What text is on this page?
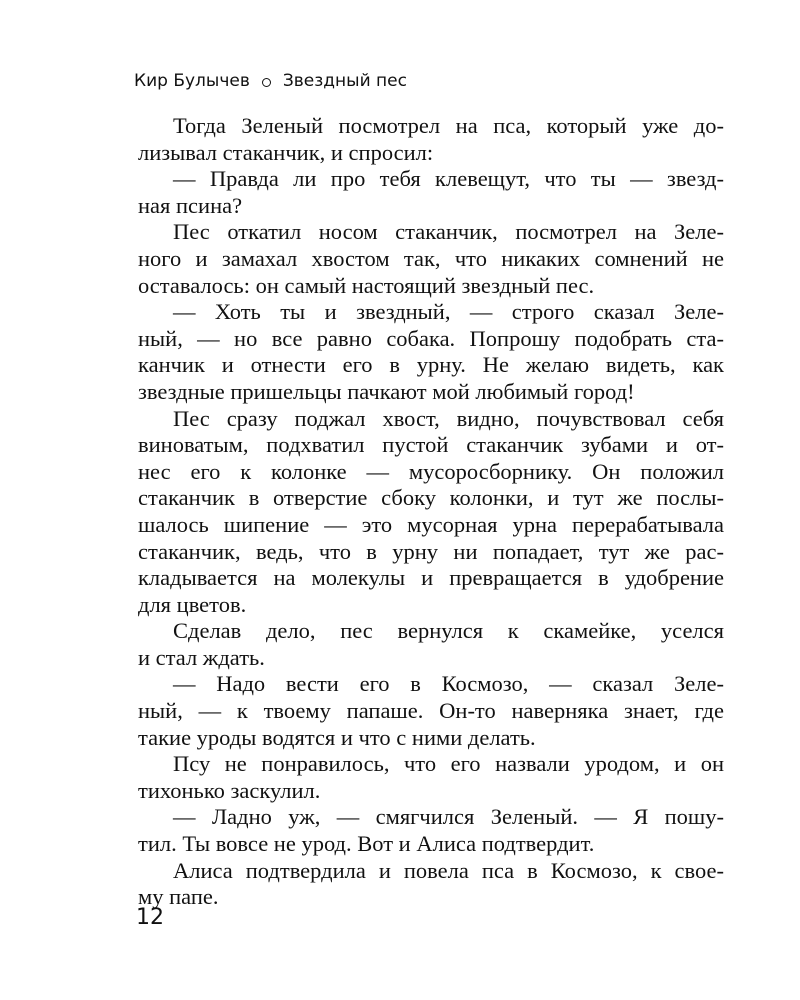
Кир Булычев Звездный пес
Тогда Зеленый посмотрел на пса, который уже до-
лизывал стаканчик, и спросил:
— Правда ли про тебя клевещут, что ты — звезд-
ная псина?
Пес откатил носом стаканчик, посмотрел на Зеле-
ного и замахал хвостом так, что никаких сомнений не
оставалось: он самый настоящий звездный пес.
— Хоть ты и звездный, — строго сказал Зеле-
ный, — но все равно собака. Попрошу подобрать ста-
канчик и отнести его в урну. Не желаю видеть, как
звездные пришельцы пачкают мой любимый город!
Пес сразу поджал хвост, видно, почувствовал себя
виноватым, подхватил пустой стаканчик зубами и от-
нес его к колонке — мусоросборнику. Он положил
стаканчик в отверстие сбоку колонки, и тут же послы-
шалось шипение — это мусорная урна перерабатывала
стаканчик, ведь, что в урну ни попадает, тут же рас-
кладывается на молекулы и превращается в удобрение
для цветов.
Сделав дело, пес вернулся к скамейке, уселся
и стал ждать.
— Надо вести его в Космозо, — сказал Зеле-
ный, — к твоему папаше. Он-то наверняка знает, где
такие уроды водятся и что с ними делать.
Псу не понравилось, что его назвали уродом, и он
тихонько заскулил.
— Ладно уж, — смягчился Зеленый. — Я пошу-
тил. Ты вовсе не урод. Вот и Алиса подтвердит.
Алиса подтвердила и повела пса в Космозо, к свое-
му папе.
12
